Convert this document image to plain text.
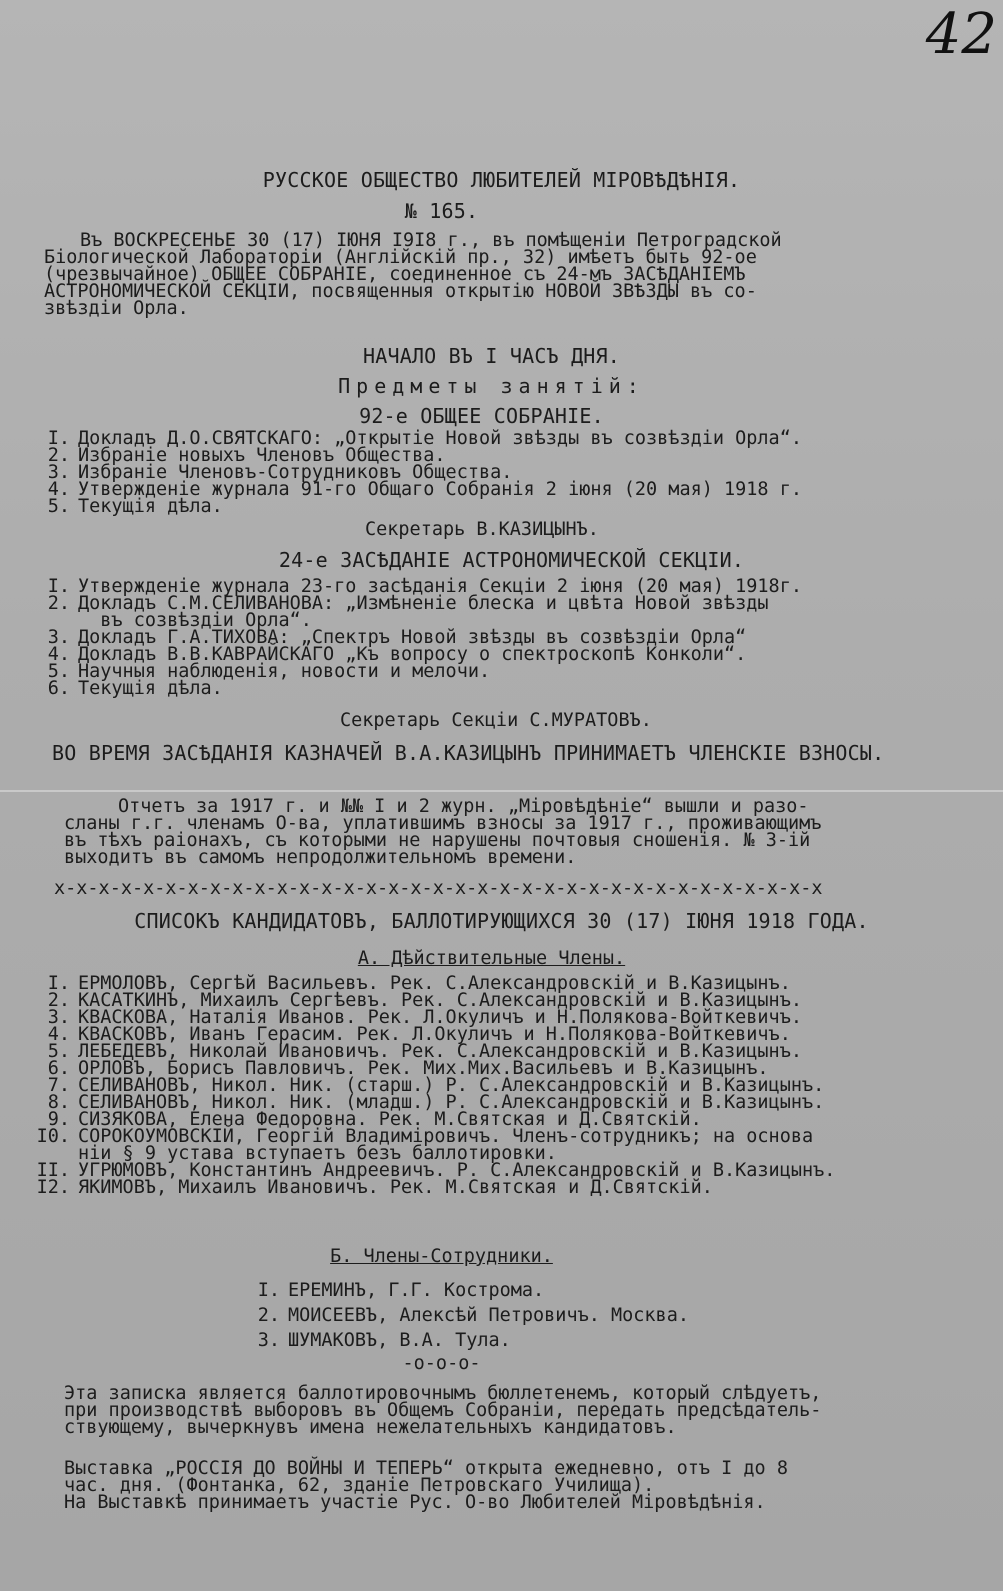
42
РУССКОЕ ОБЩЕСТВО ЛЮБИТЕЛЕЙ МIРОВѢДѢНIЯ.
№ 165.
Въ ВОСКРЕСЕНЬЕ 30 (17) IЮНЯ I9I8 г., въ помѣщенiи Петроградской
Бiологической Лабораторiи (Англiйскiй пр., 32) имѣетъ быть 92-ое
(чрезвычайное) ОБЩЕЕ СОБРАНIЕ, соединенное съ 24-мъ ЗАСѢДАНIЕМЪ
АСТРОНОМИЧЕСКОЙ СЕКЦIИ, посвященныя открытiю НОВОЙ ЗВѢЗДЫ въ со-
звѣздiи Орла.
НАЧАЛО ВЪ I ЧАСЪ ДНЯ.
Предметы занятiй:
92-е ОБЩЕЕ СОБРАНIЕ.
I. Докладъ Д.О.СВЯТСКАГО: „Открытiе Новой звѣзды въ созвѣздiи Орла“.
2. Избранiе новыхъ Членовъ Общества.
3. Избранiе Членовъ-Сотрудниковъ Общества.
4. Утвержденiе журнала 91-го Общаго Собранiя 2 iюня (20 мая) 1918 г.
5. Текущiя дѣла.
Секретарь В.КАЗИЦЫНЪ.
24-е ЗАСѢДАНIЕ АСТРОНОМИЧЕСКОЙ СЕКЦIИ.
I. Утвержденiе журнала 23-го засѣданiя Секцiи 2 iюня (20 мая) 1918г.
2. Докладъ С.М.СЕЛИВАНОВА: „Измѣненiе блеска и цвѣта Новой звѣзды
въ созвѣздiи Орла“.
3. Докладъ Г.А.ТИХОВА: „Спектръ Новой звѣзды въ созвѣздiи Орла“
4. Докладъ В.В.КАВРАЙСКАГО „Къ вопросу о спектроскопѣ Конколи“.
5. Научныя наблюденiя, новости и мелочи.
6. Текущiя дѣла.
Секретарь Секцiи С.МУРАТОВЪ.
ВО ВРЕМЯ ЗАСѢДАНIЯ КАЗНАЧЕЙ В.А.КАЗИЦЫНЪ ПРИНИМАЕТЪ ЧЛЕНСКIЕ ВЗНОСЫ.
Отчетъ за 1917 г. и №№ I и 2 журн. „Мiровѣдѣнiе“ вышли и разо-
сланы г.г. членамъ О-ва, уплатившимъ взносы за 1917 г., проживающимъ
въ тѣхъ раiонахъ, съ которыми не нарушены почтовыя сношенiя. № 3-iй
выходитъ въ самомъ непродолжительномъ времени.
х-х-х-х-х-х-х-х-х-х-х-х-х-х-х-х-х-х-х-х-х-х-х-х-х-х-х-х-х-х-х-х-х-х-х
СПИСОКЪ КАНДИДАТОВЪ, БАЛЛОТИРУЮЩИХСЯ 30 (17) IЮНЯ 1918 ГОДА.
А. Дѣйствительные Члены.
I. ЕРМОЛОВЪ, Сергѣй Васильевъ. Рек. С.Александровскiй и В.Казицынъ.
2. КАСАТКИНЪ, Михаилъ Сергѣевъ. Рек. С.Александровскiй и В.Казицынъ.
3. КВАСКОВА, Наталiя Иванов. Рек. Л.Окуличъ и Н.Полякова-Войткевичъ.
4. КВАСКОВЪ, Иванъ Герасим. Рек. Л.Окуличъ и Н.Полякова-Войткевичъ.
5. ЛЕБЕДЕВЪ, Николай Ивановичъ. Рек. С.Александровскiй и В.Казицынъ.
6. ОРЛОВЪ, Борисъ Павловичъ. Рек. Мих.Мих.Васильевъ и В.Казицынъ.
7. СЕЛИВАНОВЪ, Никол. Ник. (старш.) Р. С.Александровскiй и В.Казицынъ.
8. СЕЛИВАНОВЪ, Никол. Ник. (младш.) Р. С.Александровскiй и В.Казицынъ.
9. СИЗЯКОВА, Елена Федоровна. Рек. М.Святская и Д.Святскiй.
I0. СОРОКОУМОВСКIЙ, Георгiй Владимiровичъ. Членъ-сотрудникъ; на основа
нiи § 9 устава вступаетъ безъ баллотировки.
II. УГРЮМОВЪ, Константинъ Андреевичъ. Р. С.Александровскiй и В.Казицынъ.
I2. ЯКИМОВЪ, Михаилъ Ивановичъ. Рек. М.Святская и Д.Святскiй.
Б. Члены-Сотрудники.
I. ЕРЕМИНЪ, Г.Г. Кострома.
2. МОИСЕЕВЪ, Алексѣй Петровичъ. Москва.
3. ШУМАКОВЪ, В.А. Тула.
-о-о-о-
Эта записка является баллотировочнымъ бюллетенемъ, который слѣдуетъ,
при производствѣ выборовъ въ Общемъ Собранiи, передать предсѣдатель-
ствующему, вычеркнувъ имена нежелательныхъ кандидатовъ.
Выставка „РОССIЯ ДО ВОЙНЫ И ТЕПЕРЬ“ открыта ежедневно, отъ I до 8
час. дня. (Фонтанка, 62, зданiе Петровскаго Училища).
На Выставкѣ принимаетъ участiе Рус. О-во Любителей Мiровѣдѣнiя.
